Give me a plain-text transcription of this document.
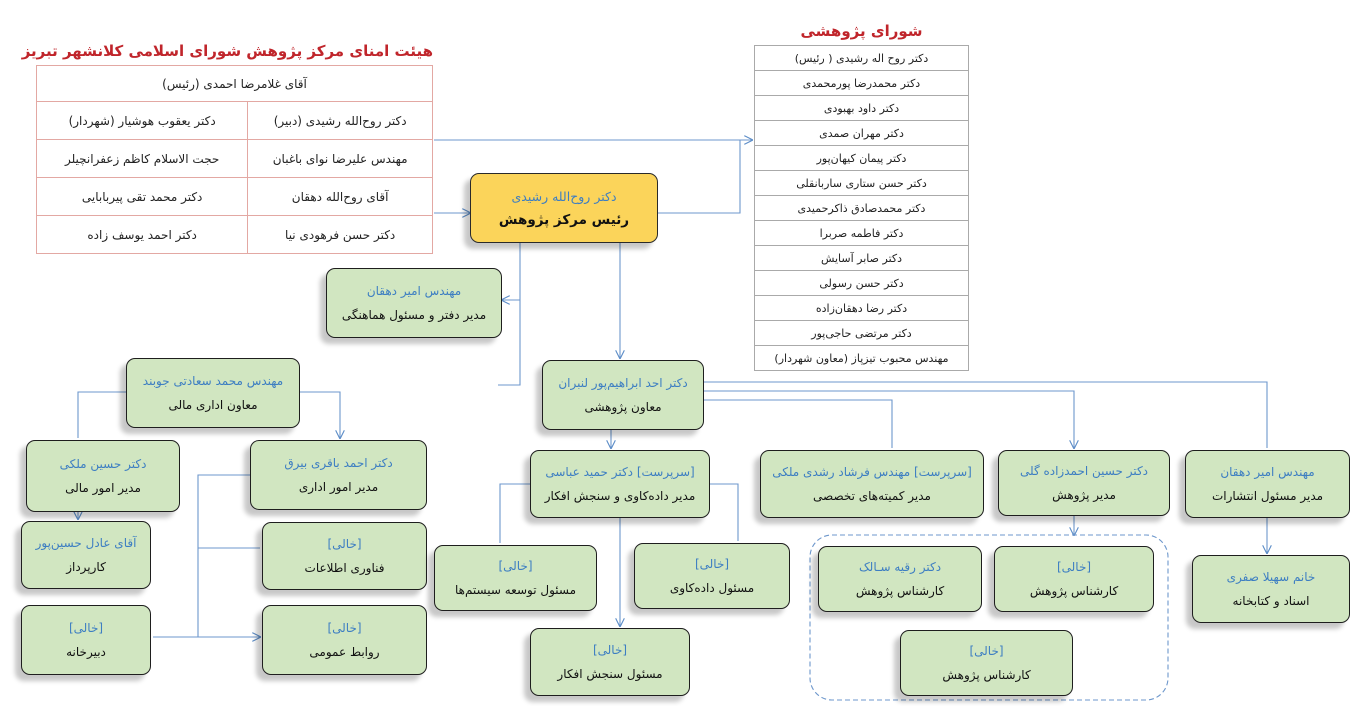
هیئت امنای مرکز پژوهش شورای اسلامی کلانشهر تبریز
آقای غلامرضا احمدی (رئیس)	
دکتر روح‌الله رشیدی (دبیر)	دکتر یعقوب هوشیار (شهردار)
مهندس علیرضا نوای باغبان	حجت الاسلام کاظم زعفرانچیلر
آقای روح‌الله دهقان	دکتر محمد تقی پیربابایی
دکتر حسن فرهودی نیا	دکتر احمد یوسف زاده
شورای پژوهشی
دکتر روح اله رشیدی ( رئیس)
دکتر محمدرضا پورمحمدی
دکتر داود بهبودی
دکتر مهران صمدی
دکتر پیمان کیهان‌پور
دکتر حسن ستاری ساربانقلی
دکتر محمدصادق ذاکرحمیدی
دکتر فاطمه صربرا
دکتر صابر آسایش
دکتر حسن رسولی
دکتر رضا دهقان‌زاده
دکتر مرتضی حاجی‌پور
مهندس محبوب تیزپاز (معاون شهردار)
دکتر روح‌الله رشیدی
رئیس مرکز پژوهش
مهندس امیر دهقان
مدیر دفتر و مسئول هماهنگی
مهندس محمد سعادتی جوبند
معاون اداری مالی
دکتر حسین ملکی
مدیر امور مالی
دکتر احمد باقری بیرق
مدیر امور اداری
آقای عادل حسین‌پور
کارپرداز
[خالی]
فناوری اطلاعات
[خالی]
دبیرخانه
[خالی]
روابط عمومی
دکتر احد ابراهیم‌پور لنبران
معاون پژوهشی
[سرپرست] دکتر حمید عباسی
مدیر داده‌کاوی و سنجش افکار
[سرپرست] مهندس فرشاد رشدی ملکی
مدیر کمیته‌های تخصصی
دکتر حسین احمدزاده گلی
مدیر پژوهش
مهندس امیر دهقان
مدیر مسئول انتشارات
[خالی]
مسئول توسعه سیستم‌ها
[خالی]
مسئول داده‌کاوی
[خالی]
مسئول سنجش افکار
دکتر رقیه سـالک
کارشناس پژوهش
[خالی]
کارشناس پژوهش
[خالی]
کارشناس پژوهش
خانم سهیلا صفری
اسناد و کتابخانه
